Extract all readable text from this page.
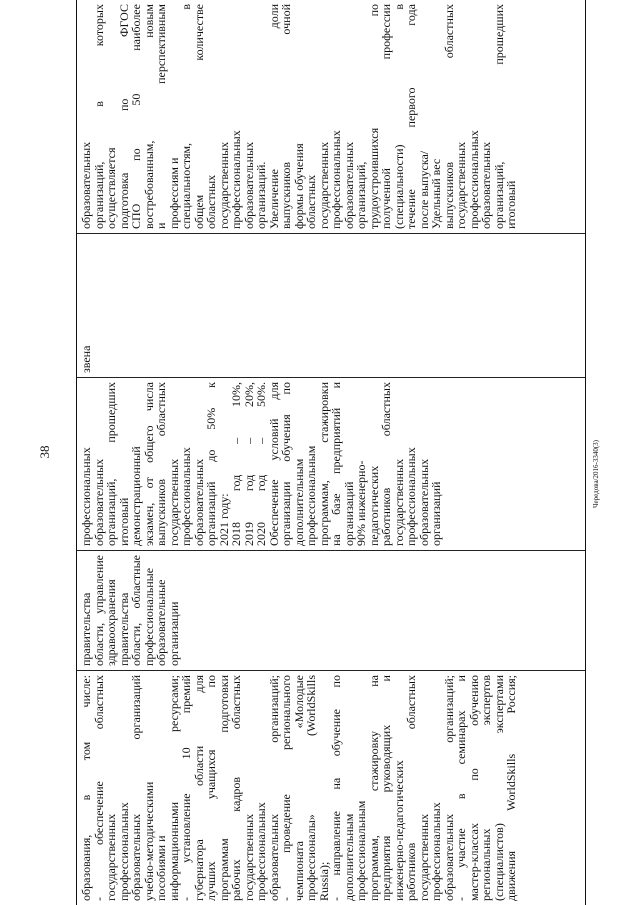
38	Чередова/2016-3340(3)
образования,
в
том
числе:
-
обеспечение
областных
государственных
профессиональных
образовательных
организаций
учебно-методическими
пособиями и
информационными
ресурсами;
-
установление
10
премий
губернатора
области
для
лучших
учащихся
по
программам
подготовки
рабочих
кадров
областных
государственных
профессиональных
образовательных
организаций;
-
проведение
регионального
чемпионата
«Молодые
профессионалы»
(WorldSkills
Russia);
-
направление
на
обучение
по
дополнительным
профессиональным
программам,
стажировку
на
предприятия
руководящих
и
инженерно-педагогических
работников
областных
государственных
профессиональных
образовательных
организаций;
-
участие
в
семинарах
и
мастер-классах
по
обучению
региональных
экспертов
(специалистов)
экспертами
движения
WorldSkills
Россия;
правительства
области,
управление
здравоохранения
правительства
области,
областные
профессиональные
образовательные
организации
профессиональных
образовательных
организаций,
прошедших
итоговый
демонстрационный
экзамен,
от
общего
числа
выпускников
областных
государственных
профессиональных
образовательных
организаций
до
50%
к
2021 году:
2018
год
–
10%,
2019
год
–
20%,
2020
год
–
50%.
Обеспечение
условий
для
организации
обучения
по
дополнительным
профессиональным
программам,
стажировки
на
базе
предприятий
и
организаций
90% инженерно-
педагогических
работников
областных
государственных
профессиональных
образовательных
организаций
звена
образовательных
организаций,
в
которых
осуществляется
подготовка
по
ФГОС
СПО
по
50
наиболее
востребованным,
новым
и
перспективным
профессиям и
специальностям,
в
общем
количестве
областных
государственных
профессиональных
образовательных
организаций.
Увеличение
доли
выпускников
очной
формы обучения
областных
государственных
профессиональных
образовательных
организаций,
трудоустроившихся
по
полученной
профессии
(специальности)
в
течение
первого
года
после выпуска/
Удельный вес
выпускников
областных
государственных
профессиональных
образовательных
организаций,
прошедших
итоговый
